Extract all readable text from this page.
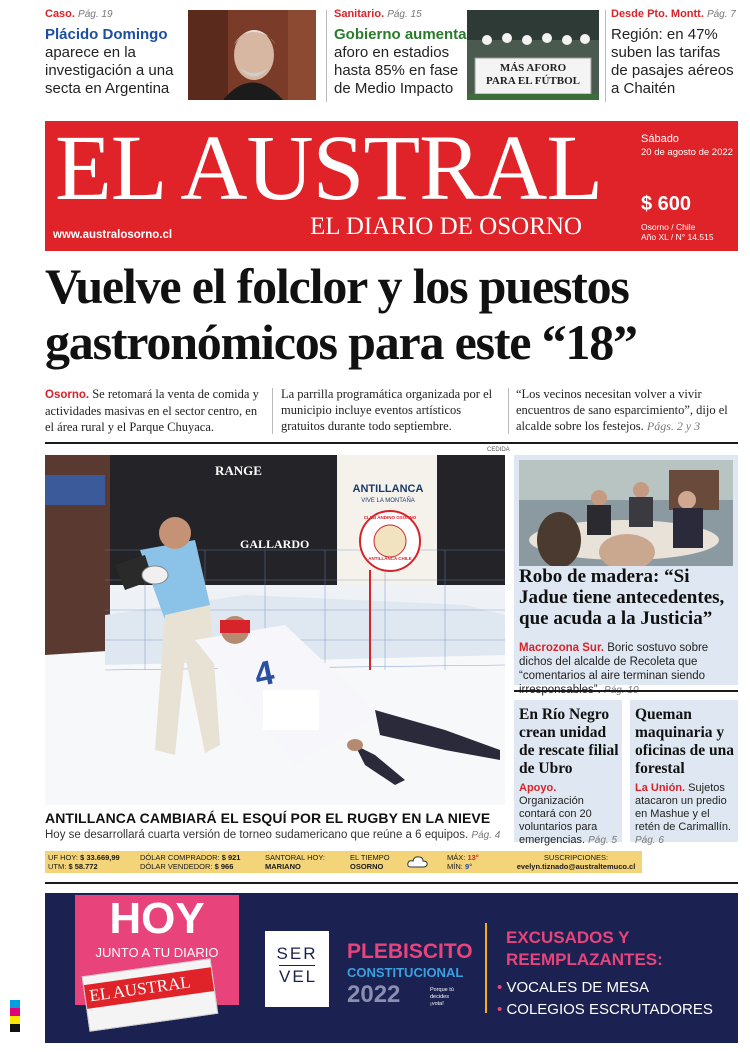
Caso. Pág. 19
Plácido Domingo
aparece en la investigación a una secta en Argentina
Sanitario. Pág. 15
Gobierno aumenta
aforo en estadios hasta 85% en fase de Medio Impacto
MÁS AFORO
PARA EL FÚTBOL
Desde Pto. Montt. Pág. 7
Región: en 47% suben las tarifas de pasajes aéreos a Chaitén
EL AUSTRAL
EL DIARIO DE OSORNO
www.australosorno.cl
Sábado
20 de agosto de 2022
$ 600
Osorno / Chile
Año XL / N° 14.515
Vuelve el folclor y los puestos
gastronómicos para este “18”
Osorno. Se retomará la venta de comida y actividades masivas en el sector centro, en el área rural y el Parque Chuyaca.
La parrilla programática organizada por el municipio incluye eventos artísticos gratuitos durante todo septiembre.
“Los vecinos necesitan volver a vivir encuentros de sano esparcimiento”, dijo el alcalde sobre los festejos. Págs. 2 y 3
CEDIDA
RANGE
ANTILLANCA
VIVE LA MONTAÑA
GALLARDO
CLUB ANDINO OSORNO
ANTILLANCA CHILE
4
ANTILLANCA CAMBIARÁ EL ESQUÍ POR EL RUGBY EN LA NIEVE
Hoy se desarrollará cuarta versión de torneo sudamericano que reúne a 6 equipos. Pág. 4
Robo de madera: “Si Jadue tiene antecedentes, que acuda a la Justicia”
Macrozona Sur. Boric sostuvo sobre dichos del alcalde de Recoleta que “comentarios al aire terminan siendo
En Río Negro crean unidad de rescate filial de Ubro
Apoyo. Organización contará con 20 voluntarios para emergencias. Pág. 5
Queman maquinaria y oficinas de una forestal
La Unión. Sujetos atacaron un predio en Mashue y el retén de Carimallín. Pág. 6
UF HOY: $ 33.669,99
UTM: $ 58.772
DÓLAR COMPRADOR: $ 921
DÓLAR VENDEDOR: $ 966
SANTORAL HOY:
MARIANO
EL TIEMPO
OSORNO
MÁX: 13°
MÍN: 9°
SUSCRIPCIONES:
evelyn.tiznado@australtemuco.cl
HOY
JUNTO A TU DIARIO
EL AUSTRAL
SER
VEL
PLEBISCITO
CONSTITUCIONAL
2022	Porque tú decides ¡vota!
EXCUSADOS Y
REEMPLAZANTES:
• VOCALES DE MESA
• COLEGIOS ESCRUTADORES
